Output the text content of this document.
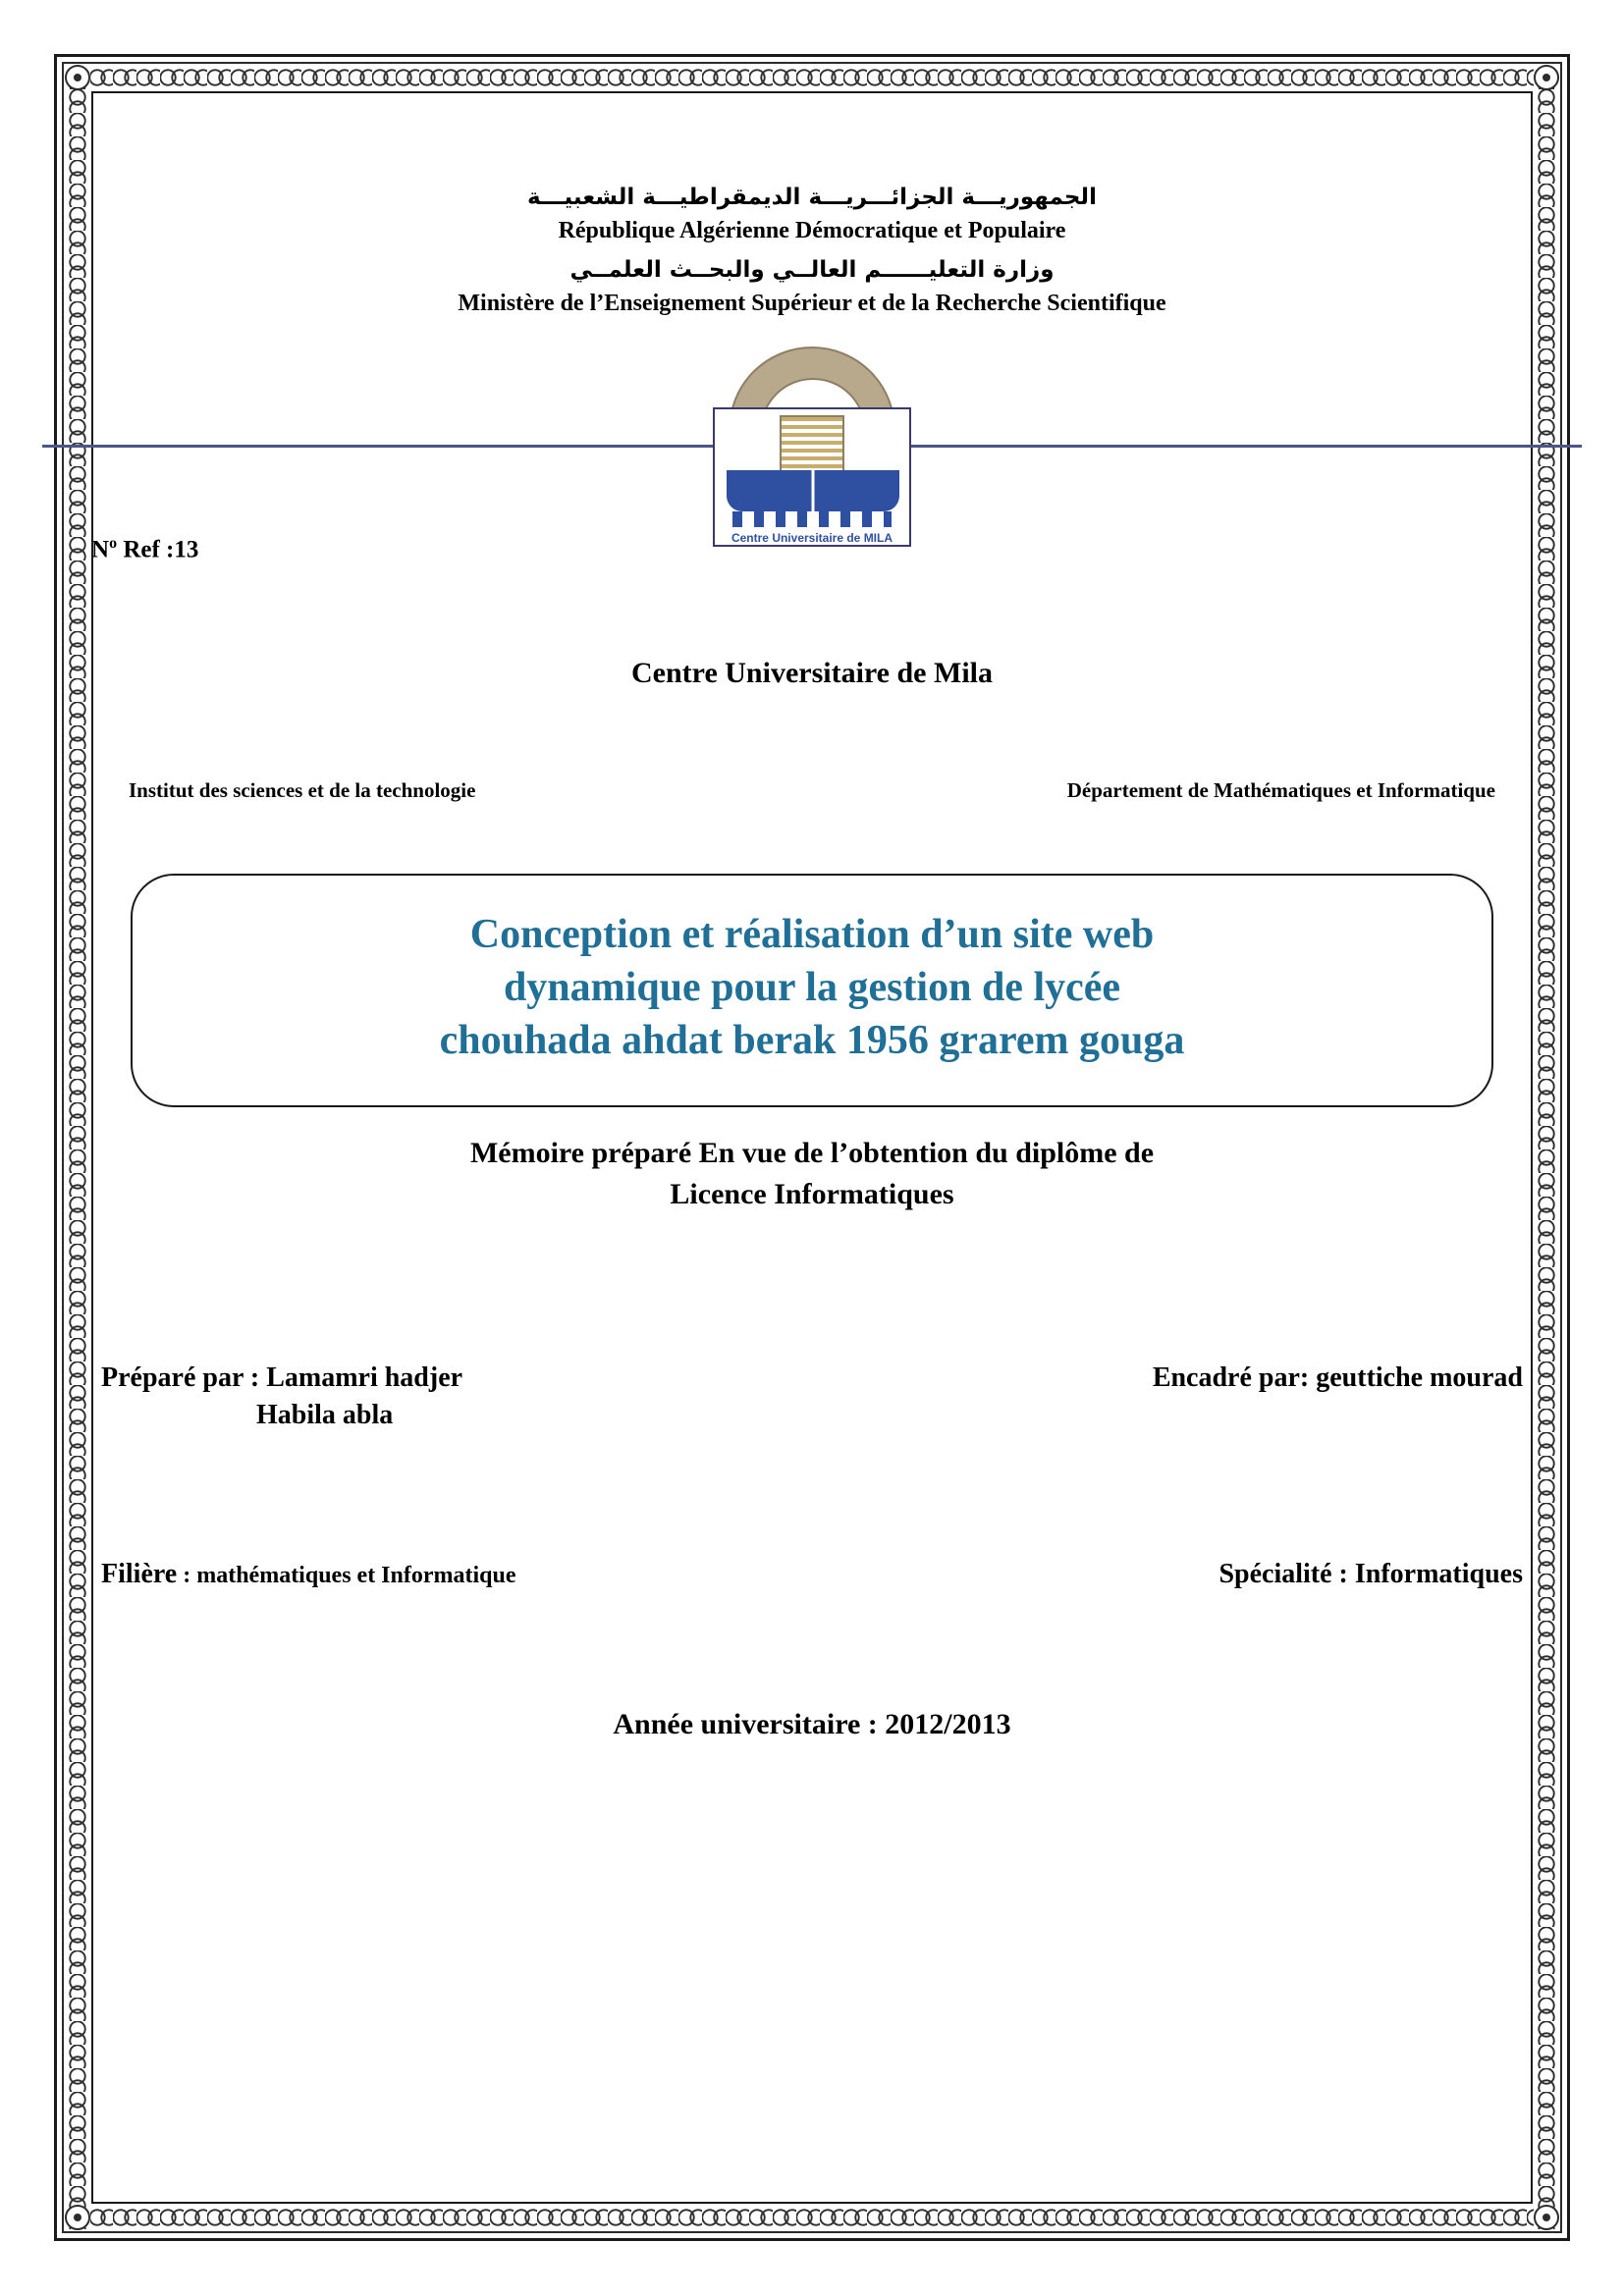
الجمهوريـــة الجزائـــريـــة الديمقراطيـــة الشعبيـــة
République Algérienne Démocratique et Populaire
وزارة التعليــــــم العالــي والبحــث العلمــي
Ministère de l’Enseignement Supérieur et de la Recherche Scientifique
Centre Universitaire de MILA
$N^o$ Ref :13
Centre Universitaire de Mila
Institut des sciences et de la technologie	Département de Mathématiques et Informatique
Conception et réalisation d’un site web
dynamique pour la gestion de lycée
chouhada ahdat berak 1956 grarem gouga
Mémoire préparé En vue de l’obtention du diplôme de
Licence Informatiques
Préparé par : Lamamri hadjer
Habila abla
Encadré par: geuttiche mourad
Filière : mathématiques et Informatique	Spécialité : Informatiques
Année universitaire : 2012/2013
